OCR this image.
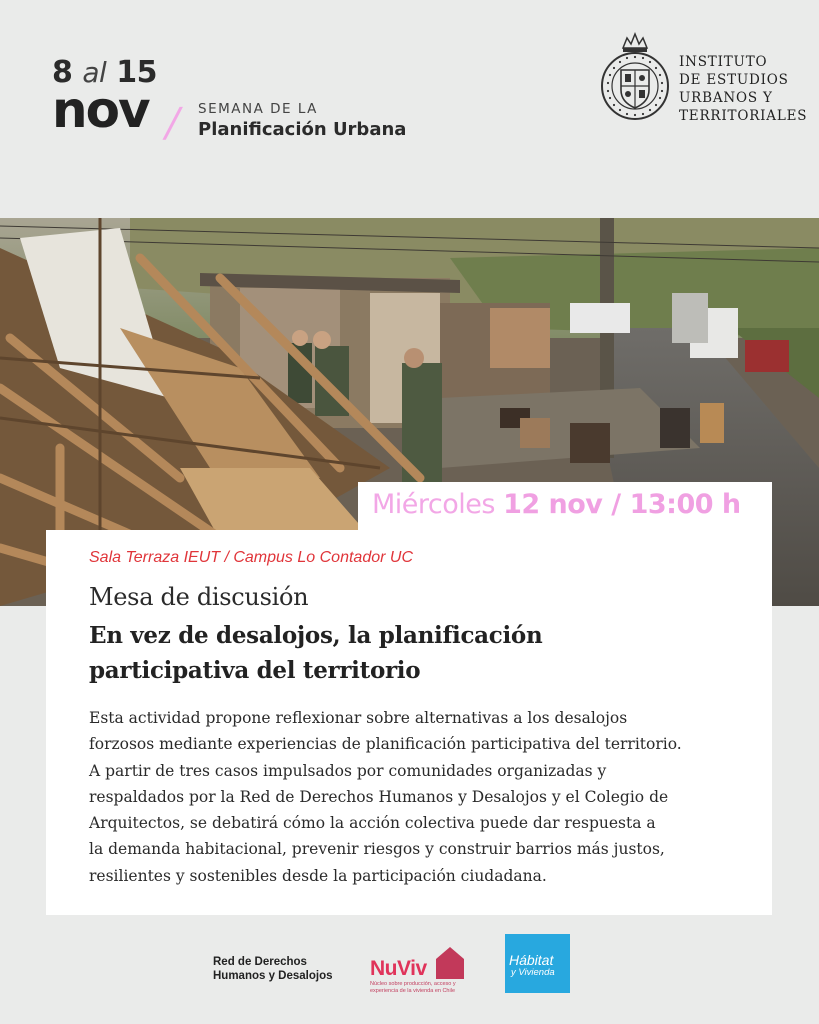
8 al 15
nov / SEMANA DE LA
Planificación Urbana
INSTITUTO
DE ESTUDIOS
URBANOS Y
TERRITORIALES
Miércoles 12 nov / 13:00 h
Sala Terraza IEUT / Campus Lo Contador UC
Mesa de discusión
En vez de desalojos, la planificación
participativa del territorio
Esta actividad propone reflexionar sobre alternativas a los desalojos
forzosos mediante experiencias de planificación participativa del territorio.
A partir de tres casos impulsados por comunidades organizadas y
respaldados por la Red de Derechos Humanos y Desalojos y el Colegio de
Arquitectos, se debatirá cómo la acción colectiva puede dar respuesta a
la demanda habitacional, prevenir riesgos y construir barrios más justos,
resilientes y sostenibles desde la participación ciudadana.
Red de Derechos
Humanos y Desalojos NuViv
Núcleo sobre producción, acceso y experiencia de la vivienda en Chile
Hábitat
y Vivienda
